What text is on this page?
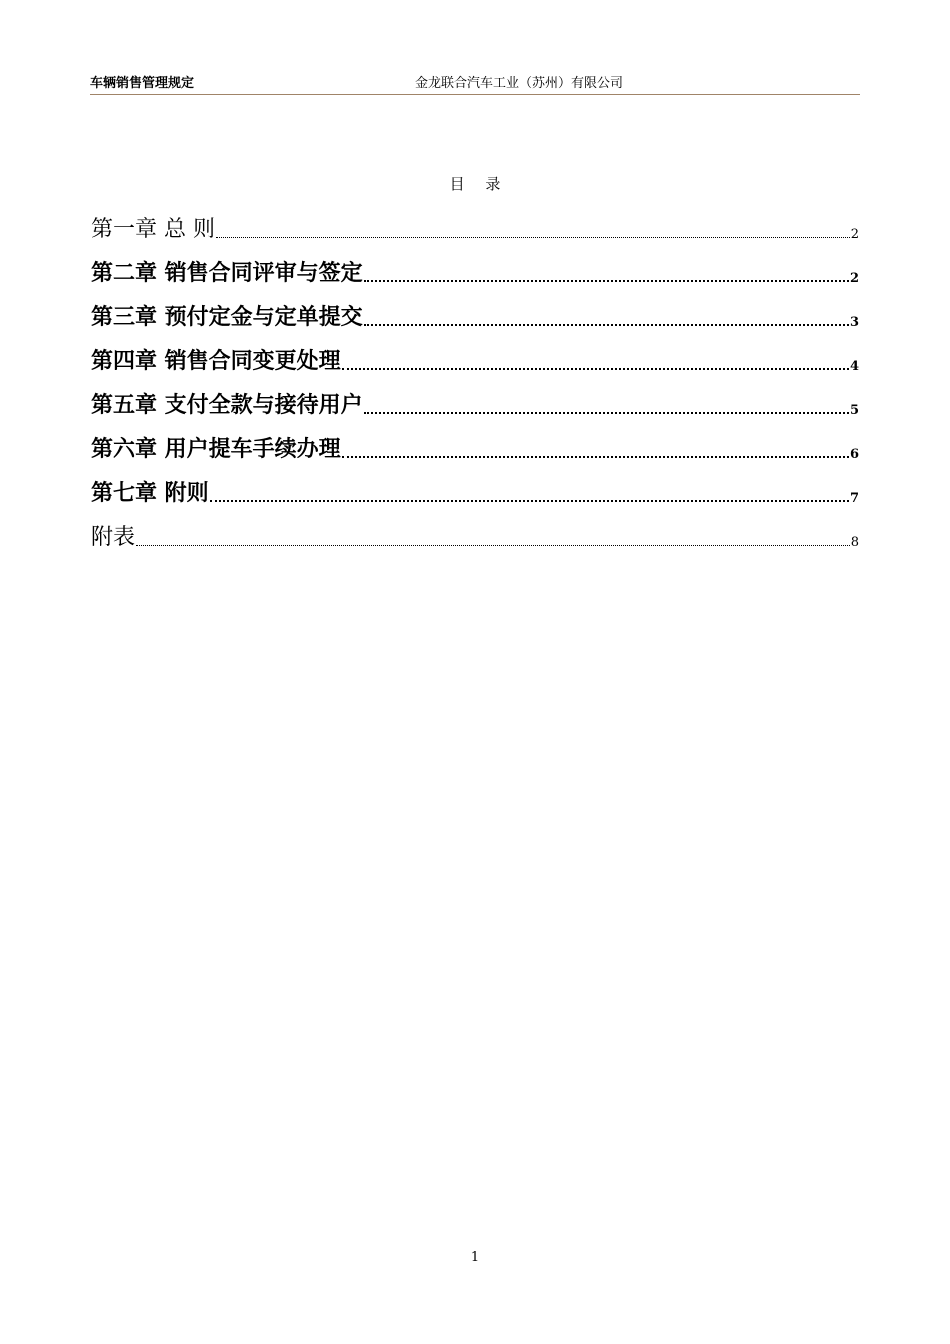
车辆销售管理规定	金龙联合汽车工业（苏州）有限公司
目 录
第一章 总 则	2
第二章 销售合同评审与签定	2
第三章 预付定金与定单提交	3
第四章 销售合同变更处理	4
第五章 支付全款与接待用户	5
第六章 用户提车手续办理	6
第七章 附则	7
附表	8
1
